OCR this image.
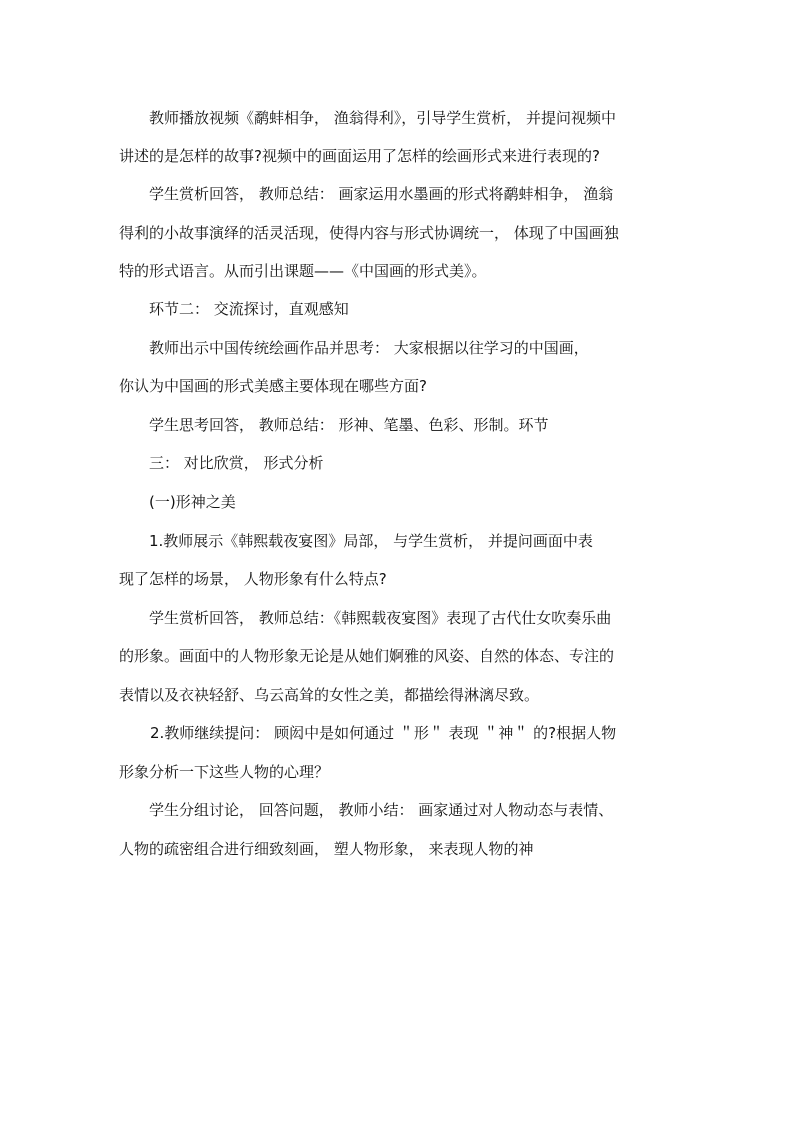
教师播放视频《鹬蚌相争， 渔翁得利》，引导学生赏析， 并提问视频中
讲述的是怎样的故事?视频中的画面运用了怎样的绘画形式来进行表现的?
学生赏析回答， 教师总结： 画家运用水墨画的形式将鹬蚌相争， 渔翁
得利的小故事演绎的活灵活现，使得内容与形式协调统一， 体现了中国画独
特的形式语言。从而引出课题——《中国画的形式美》。
环节二： 交流探讨，直观感知
教师出示中国传统绘画作品并思考： 大家根据以往学习的中国画，
你认为中国画的形式美感主要体现在哪些方面?
学生思考回答， 教师总结： 形神、笔墨、色彩、形制。环节
三： 对比欣赏， 形式分析
(一)形神之美
1.教师展示《韩熙载夜宴图》局部， 与学生赏析， 并提问画面中表
现了怎样的场景， 人物形象有什么特点?
学生赏析回答， 教师总结：《韩熙载夜宴图》表现了古代仕女吹奏乐曲
的形象。画面中的人物形象无论是从她们婀雅的风姿、自然的体态、专注的
表情以及衣袂轻舒、乌云高耸的女性之美，都描绘得淋漓尽致。
2.教师继续提问： 顾闳中是如何通过 ＂形＂ 表现 ＂神＂ 的?根据人物
形象分析一下这些人物的心理？
学生分组讨论， 回答问题， 教师小结： 画家通过对人物动态与表情、
人物的疏密组合进行细致刻画， 塑人物形象， 来表现人物的神
